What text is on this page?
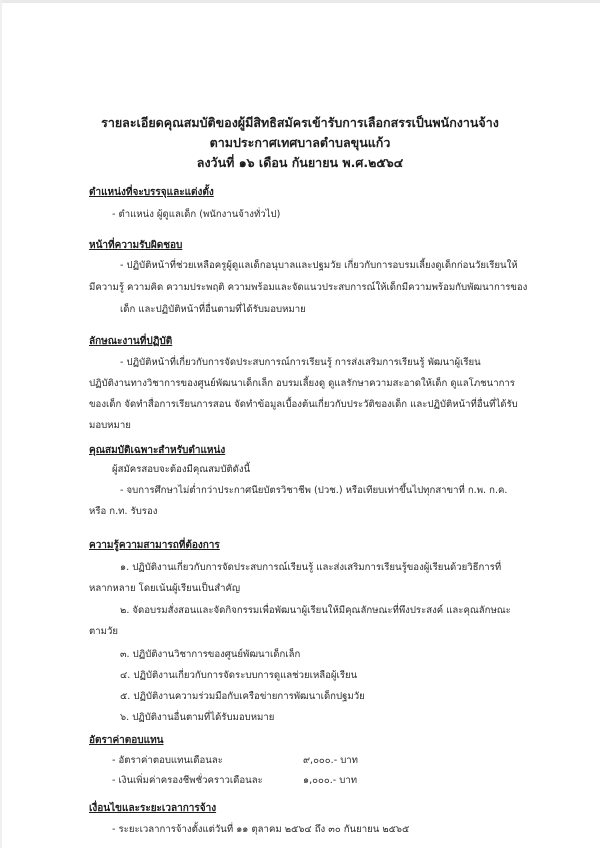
รายละเอียดคุณสมบัติของผู้มีสิทธิสมัครเข้ารับการเลือกสรรเป็นพนักงานจ้าง
ตามประกาศเทศบาลตำบลขุนแก้ว
ลงวันที่ ๑๖ เดือน กันยายน พ.ศ.๒๕๖๔
ตำแหน่งที่จะบรรจุและแต่งตั้ง
- ตำแหน่ง ผู้ดูแลเด็ก (พนักงานจ้างทั่วไป)
หน้าที่ความรับผิดชอบ
- ปฏิบัติหน้าที่ช่วยเหลือครูผู้ดูแลเด็กอนุบาลและปฐมวัย เกี่ยวกับการอบรมเลี้ยงดูเด็กก่อนวัยเรียนให้
มีความรู้ ความคิด ความประพฤติ ความพร้อมและจัดแนวประสบการณ์ให้เด็กมีความพร้อมกับพัฒนาการของ
เด็ก และปฏิบัติหน้าที่อื่นตามที่ได้รับมอบหมาย
ลักษณะงานที่ปฏิบัติ
- ปฏิบัติหน้าที่เกี่ยวกับการจัดประสบการณ์การเรียนรู้ การส่งเสริมการเรียนรู้ พัฒนาผู้เรียน
ปฏิบัติงานทางวิชาการของศูนย์พัฒนาเด็กเล็ก อบรมเลี้ยงดู ดูแลรักษาความสะอาดให้เด็ก ดูแลโภชนาการ
ของเด็ก จัดทำสื่อการเรียนการสอน จัดทำข้อมูลเบื้องต้นเกี่ยวกับประวัติของเด็ก และปฏิบัติหน้าที่อื่นที่ได้รับ
มอบหมาย
คุณสมบัติเฉพาะสำหรับตำแหน่ง
ผู้สมัครสอบจะต้องมีคุณสมบัติดังนี้
- จบการศึกษาไม่ต่ำกว่าประกาศนียบัตรวิชาชีพ (ปวช.) หรือเทียบเท่าขึ้นไปทุกสาขาที่ ก.พ. ก.ค.
หรือ ก.ท. รับรอง
ความรู้ความสามารถที่ต้องการ
๑. ปฏิบัติงานเกี่ยวกับการจัดประสบการณ์เรียนรู้ และส่งเสริมการเรียนรู้ของผู้เรียนด้วยวิธีการที่
หลากหลาย โดยเน้นผู้เรียนเป็นสำคัญ
๒. จัดอบรมสั่งสอนและจัดกิจกรรมเพื่อพัฒนาผู้เรียนให้มีคุณลักษณะที่พึงประสงค์ และคุณลักษณะ
ตามวัย
๓. ปฏิบัติงานวิชาการของศูนย์พัฒนาเด็กเล็ก
๔. ปฏิบัติงานเกี่ยวกับการจัดระบบการดูแลช่วยเหลือผู้เรียน
๕. ปฏิบัติงานความร่วมมือกับเครือข่ายการพัฒนาเด็กปฐมวัย
๖. ปฏิบัติงานอื่นตามที่ได้รับมอบหมาย
อัตราค่าตอบแทน
- อัตราค่าตอบแทนเดือนละ	๙,๐๐๐.- บาท
- เงินเพิ่มค่าครองชีพชั่วคราวเดือนละ	๑,๐๐๐.- บาท
เงื่อนไขและระยะเวลาการจ้าง
- ระยะเวลาการจ้างตั้งแต่วันที่ ๑๑ ตุลาคม ๒๕๖๔ ถึง ๓๐ กันยายน ๒๕๖๕
